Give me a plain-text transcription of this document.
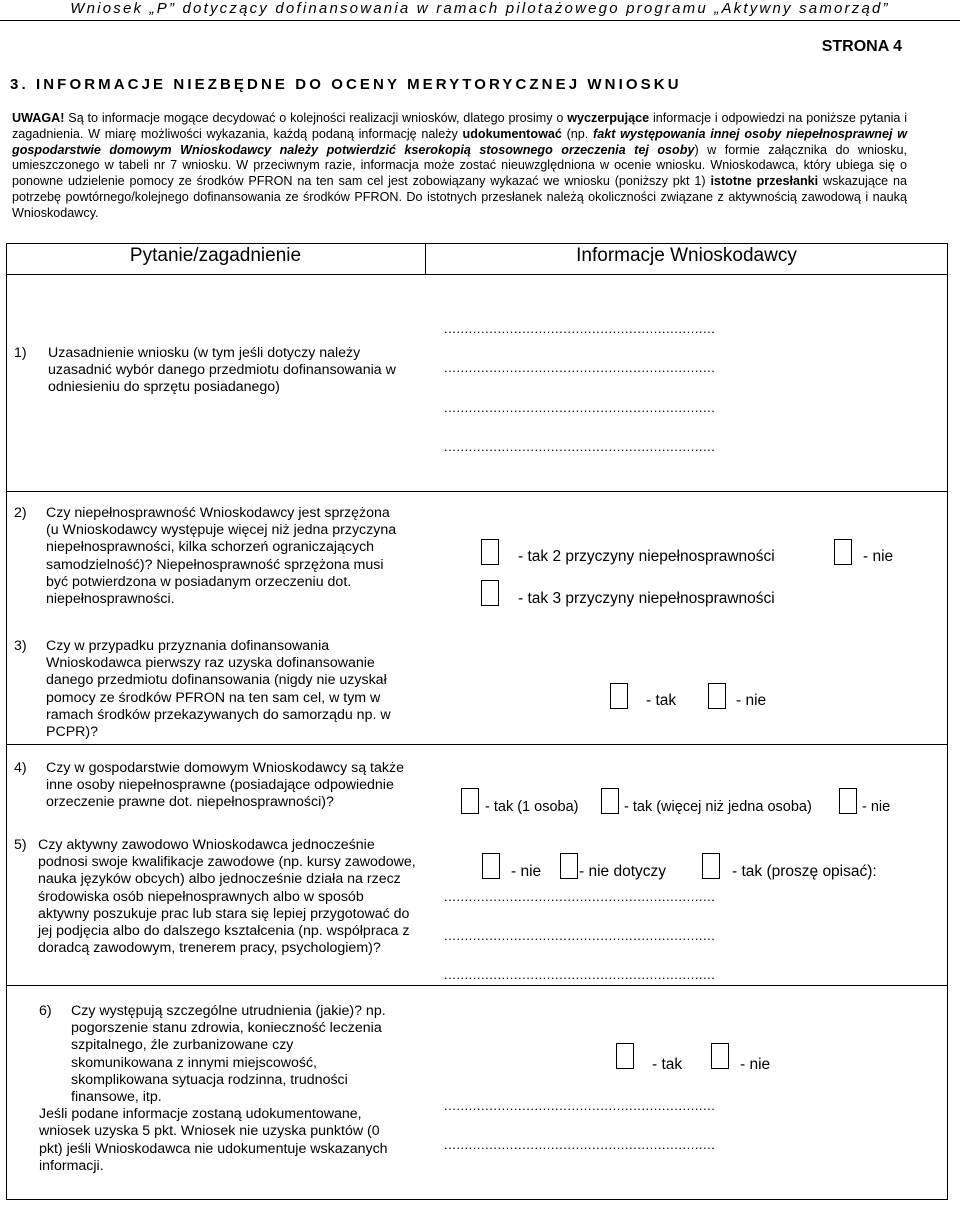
Wniosek „P” dotyczący dofinansowania w ramach pilotażowego programu „Aktywny samorząd”
STRONA 4
3. INFORMACJE NIEZBĘDNE DO OCENY MERYTORYCZNEJ WNIOSKU
UWAGA! Są to informacje mogące decydować o kolejności realizacji wniosków, dlatego prosimy o wyczerpujące informacje i odpowiedzi na poniższe pytania i zagadnienia. W miarę możliwości wykazania, każdą podaną informację należy udokumentować (np. fakt występowania innej osoby niepełnosprawnej w gospodarstwie domowym Wnioskodawcy należy potwierdzić kserokopią stosownego orzeczenia tej osoby) w formie załącznika do wniosku, umieszczonego w tabeli nr 7 wniosku. W przeciwnym razie, informacja może zostać nieuwzględniona w ocenie wniosku. Wnioskodawca, który ubiega się o ponowne udzielenie pomocy ze środków PFRON na ten sam cel jest zobowiązany wykazać we wniosku (poniższy pkt 1) istotne przesłanki wskazujące na potrzebę powtórnego/kolejnego dofinansowania ze środków PFRON. Do istotnych przesłanek należą okoliczności związane z aktywnością zawodową i nauką Wnioskodawcy.
Pytanie/zagadnienie	Informacje Wnioskodawcy
1)	Uzasadnienie wniosku (w tym jeśli dotyczy należy uzasadnić wybór danego przedmiotu dofinansowania w odniesieniu do sprzętu posiadanego)
..................................................................
..................................................................
..................................................................
..................................................................
2)	Czy niepełnosprawność Wnioskodawcy jest sprzężona (u Wnioskodawcy występuje więcej niż jedna przyczyna niepełnosprawności, kilka schorzeń ograniczających samodzielność)? Niepełnosprawność sprzężona musi być potwierdzona w posiadanym orzeczeniu dot. niepełnosprawności.
- tak 2 przyczyny niepełnosprawności	- nie
- tak 3 przyczyny niepełnosprawności
3)	Czy w przypadku przyznania dofinansowania Wnioskodawca pierwszy raz uzyska dofinansowanie danego przedmiotu dofinansowania (nigdy nie uzyskał pomocy ze środków PFRON na ten sam cel, w tym w ramach środków przekazywanych do samorządu np. w PCPR)?
- tak	- nie
4)	Czy w gospodarstwie domowym Wnioskodawcy są także inne osoby niepełnosprawne (posiadające odpowiednie orzeczenie prawne dot. niepełnosprawności)?	- tak (1 osoba)	- tak (więcej niż jedna osoba)	- nie
5)	Czy aktywny zawodowo Wnioskodawca jednocześnie podnosi swoje kwalifikacje zawodowe (np. kursy zawodowe, nauka języków obcych) albo jednocześnie działa na rzecz środowiska osób niepełnosprawnych albo w sposób aktywny poszukuje prac lub stara się lepiej przygotować do jej podjęcia albo do dalszego kształcenia (np. współpraca z doradcą zawodowym, trenerem pracy, psychologiem)?
- nie - nie dotyczy	- tak (proszę opisać):
..................................................................
..................................................................
..................................................................
6)	Czy występują szczególne utrudnienia (jakie)? np. pogorszenie stanu zdrowia, konieczność leczenia szpitalnego, źle zurbanizowane czy skomunikowana z innymi miejscowość, skomplikowana sytuacja rodzinna, trudności finansowe, itp.
Jeśli podane informacje zostaną udokumentowane, wniosek uzyska 5 pkt. Wniosek nie uzyska punktów (0 pkt) jeśli Wnioskodawca nie udokumentuje wskazanych informacji.
- tak	- nie
..................................................................
..................................................................
